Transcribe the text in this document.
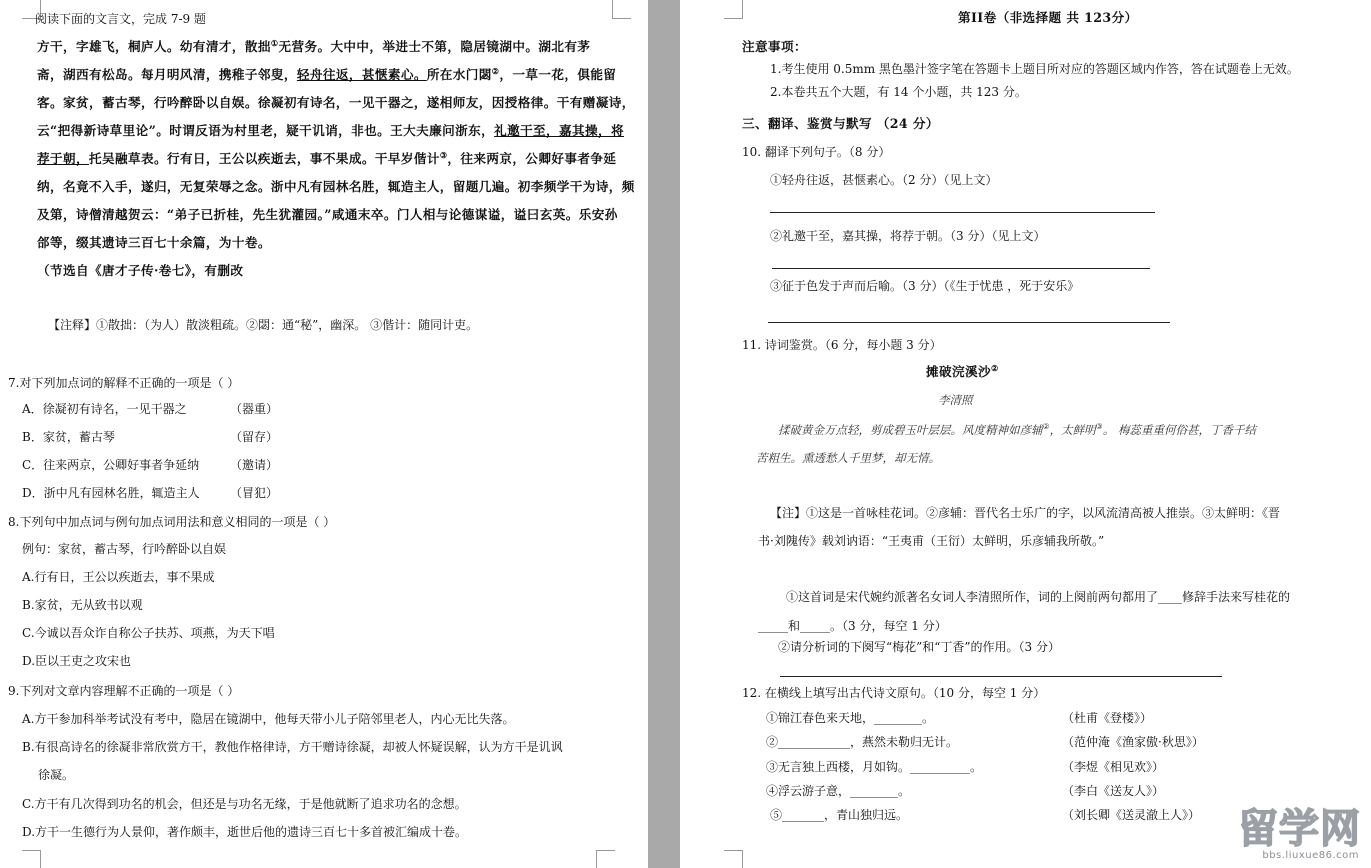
阅读下面的文言文，完成 7-9 题
方干，字雄飞，桐庐人。幼有清才，散拙①无营务。大中中，举进士不第，隐居镜湖中。湖北有茅
斋，湖西有松岛。每月明风清，携稚子邻叟，轻舟往返，甚惬素心。所在水门閟②，一草一花，俱能留
客。家贫，蓄古琴，行吟醉卧以自娱。徐凝初有诗名，一见干器之，遂相师友，因授格律。干有赠凝诗，
云“把得新诗草里论”。时谓反语为村里老，疑干讥诮，非也。王大夫廉问浙东，礼邀干至，嘉其操，将
荐于朝，托吴融草表。行有日，王公以疾逝去，事不果成。干早岁偕计③，往来两京，公卿好事者争延
纳，名竟不入手，遂归，无复荣辱之念。浙中凡有园林名胜，辄造主人，留题几遍。初李频学干为诗，频
及第，诗僧清越贺云：“弟子已折桂，先生犹灌园。”咸通末卒。门人相与论德谋谥，谥曰玄英。乐安孙
郃等，缀其遗诗三百七十余篇，为十卷。
（节选自《唐才子传·卷七》，有删改
【注释】①散拙：（为人）散淡粗疏。②閟：通“秘”，幽深。 ③偕计：随同计吏。
7.对下列加点词的解释不正确的一项是（ ）
A．徐凝初有诗名，一见干器之	（器重）
B．家贫，蓄古琴	（留存）
C．往来两京，公卿好事者争延纳	（邀请）
D．浙中凡有园林名胜，辄造主人	（冒犯）
8.下列句中加点词与例句加点词用法和意义相同的一项是（ ）
例句：家贫，蓄古琴，行吟醉卧以自娱
A.行有日，王公以疾逝去，事不果成
B.家贫，无从致书以观
C.今诚以吾众诈自称公子扶苏、项燕，为天下唱
D.臣以王吏之攻宋也
9.下列对文章内容理解不正确的一项是（ ）
A.方干参加科举考试没有考中，隐居在镜湖中，他每天带小儿子陪邻里老人，内心无比失落。
B.有很高诗名的徐凝非常欣赏方干，教他作格律诗，方干赠诗徐凝，却被人怀疑误解，认为方干是讥讽
徐凝。
C.方干有几次得到功名的机会，但还是与功名无缘，于是他就断了追求功名的念想。
D.方干一生德行为人景仰，著作颇丰，逝世后他的遗诗三百七十多首被汇编成十卷。
第II卷（非选择题 共 123分）
注意事项：
1.考生使用 0.5mm 黑色墨汁签字笔在答题卡上题目所对应的答题区域内作答，答在试题卷上无效。
2.本卷共五个大题，有 14 个小题，共 123 分。
三、翻译、鉴赏与默写 （24 分）
10. 翻译下列句子。（8 分）
①轻舟往返，甚惬素心。（2 分）（见上文）
②礼邀干至，嘉其操，将荐于朝。（3 分）（见上文）
③征于色发于声而后喻。（3 分）（《生于忧患 ，死于安乐》
11. 诗词鉴赏。（6 分，每小题 3 分）
摊破浣溪沙②
李清照
揉破黄金万点轻，剪成碧玉叶层层。风度精神如彦辅②，太鲜明③。 梅蕊重重何俗甚，丁香千结
苦粗生。熏透愁人千里梦，却无情。
【注】①这是一首咏桂花词。②彦辅：晋代名士乐广的字，以风流清高被人推崇。③太鲜明：《晋
书·刘隗传》载刘讷语：“王夷甫（王衍）太鲜明，乐彦辅我所敬。”
①这首词是宋代婉约派著名女词人李清照所作，词的上阕前两句都用了____修辞手法来写桂花的
_____和_____。（3 分，每空 1 分）
②请分析词的下阕写“梅花”和“丁香”的作用。（3 分）
12. 在横线上填写出古代诗文原句。（10 分，每空 1 分）
①锦江春色来天地，________。	（杜甫《登楼》）
②____________，燕然未勒归无计。	（范仲淹《渔家傲·秋思》）
③无言独上西楼，月如钩。__________。	（李煜《相见欢》）
④浮云游子意，________。	（李白《送友人》）
⑤_______，青山独归远。	（刘长卿《送灵澈上人》） 留学网
bbs.liuxue86.com
